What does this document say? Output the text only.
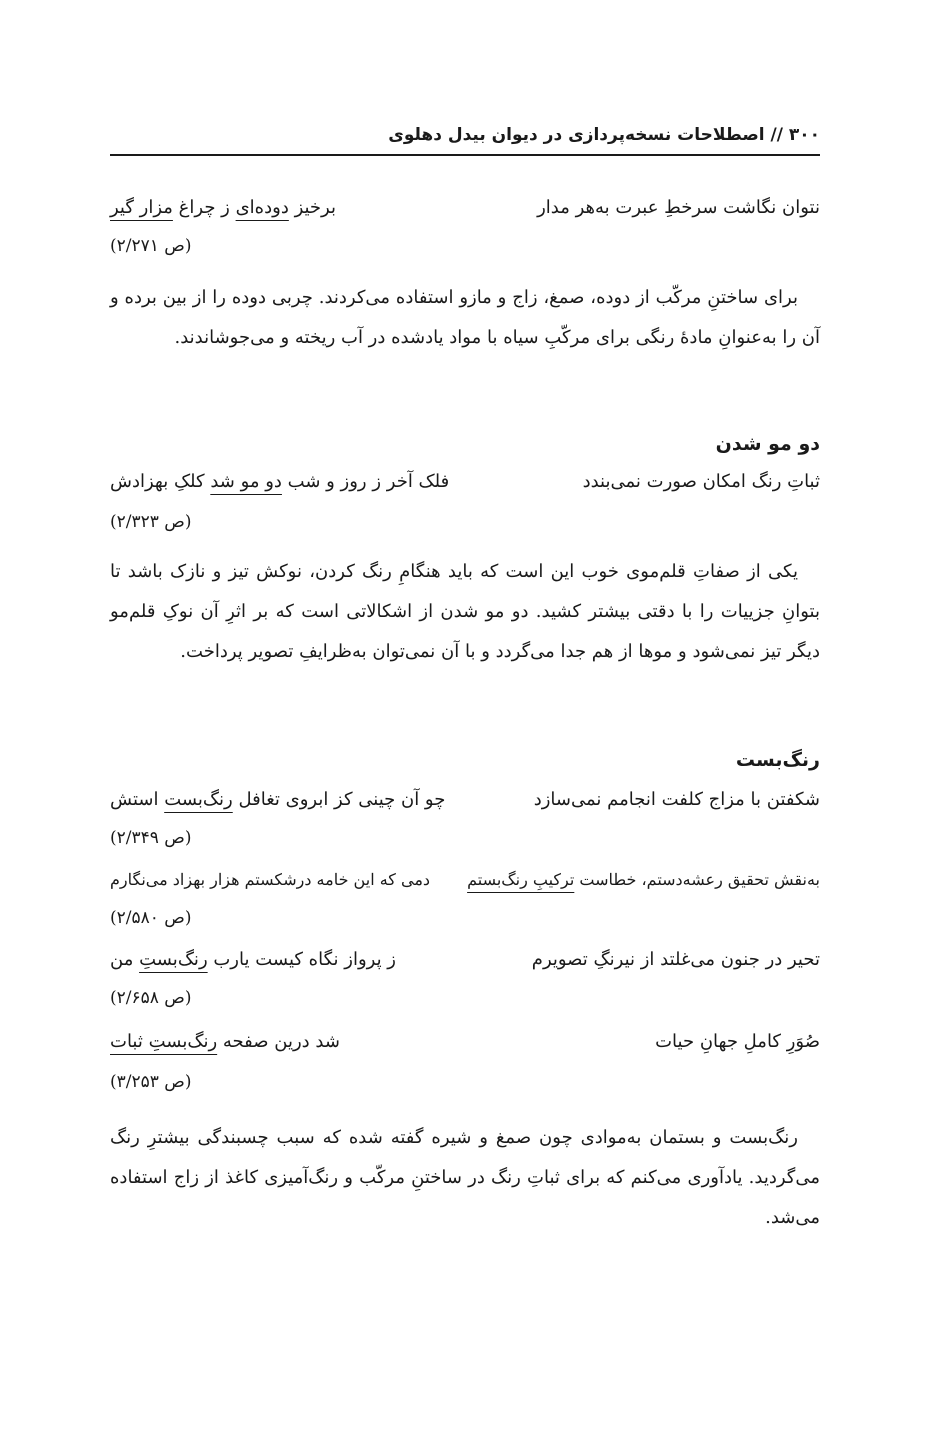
۳۰۰ // اصطلاحات نسخه‌پردازی در دیوان بیدل دهلوی
نتوان نگاشت سرخطِ عبرت به‌هر مدار
برخیز دوده‌ای ز چراغ مزار گیر
(ص ۲/۲۷۱)
برای ساختنِ مرکّب از دوده، صمغ، زاج و مازو استفاده می‌کردند. چربی دوده را از بین برده و آن را به‌عنوانِ مادۀ رنگی برای مرکّبِ سیاه با مواد یادشده در آب ریخته و می‌جوشاندند.
دو مو شدن
ثباتِ رنگ امکان صورت نمی‌بندد
فلک آخر ز روز و شب دو مو شد کلکِ بهزادش
(ص ۲/۳۲۳)
یکی از صفاتِ قلم‌موی خوب این است که باید هنگامِ رنگ کردن، نوکش تیز و نازک باشد تا بتوانِ جزییات را با دقتی بیشتر کشید. دو مو شدن از اشکالاتی است که بر اثرِ آن نوکِ قلم‌مو دیگر تیز نمی‌شود و موها از هم جدا می‌گردد و با آن نمی‌توان به‌ظرایفِ تصویر پرداخت.
رنگ‌بست
شکفتن با مزاج کلفت انجامم نمی‌سازد
چو آن چینی کز ابروی تغافل رنگ‌بست استش
(ص ۲/۳۴۹)
به‌نقش تحقیق رعشه‌دستم، خطاست ترکیبِ رنگ‌بستم
دمی که این خامه درشکستم هزار بهزاد می‌نگارم
(ص ۲/۵۸۰)
تحیر در جنون می‌غلتد از نیرنگِ تصویرم
ز پرواز نگاه کیست یارب رنگ‌بستِ من
(ص ۲/۶۵۸)
صُوَرِ کاملِ جهانِ حیات
شد درین صفحه رنگ‌بستِ ثبات
(ص ۳/۲۵۳)
رنگ‌بست و بستمان به‌موادی چون صمغ و شیره گفته شده که سبب چسبندگی بیشترِ رنگ می‌گردید. یادآوری می‌کنم که برای ثباتِ رنگ در ساختنِ مرکّب و رنگ‌آمیزی کاغذ از زاج استفاده می‌شد.
